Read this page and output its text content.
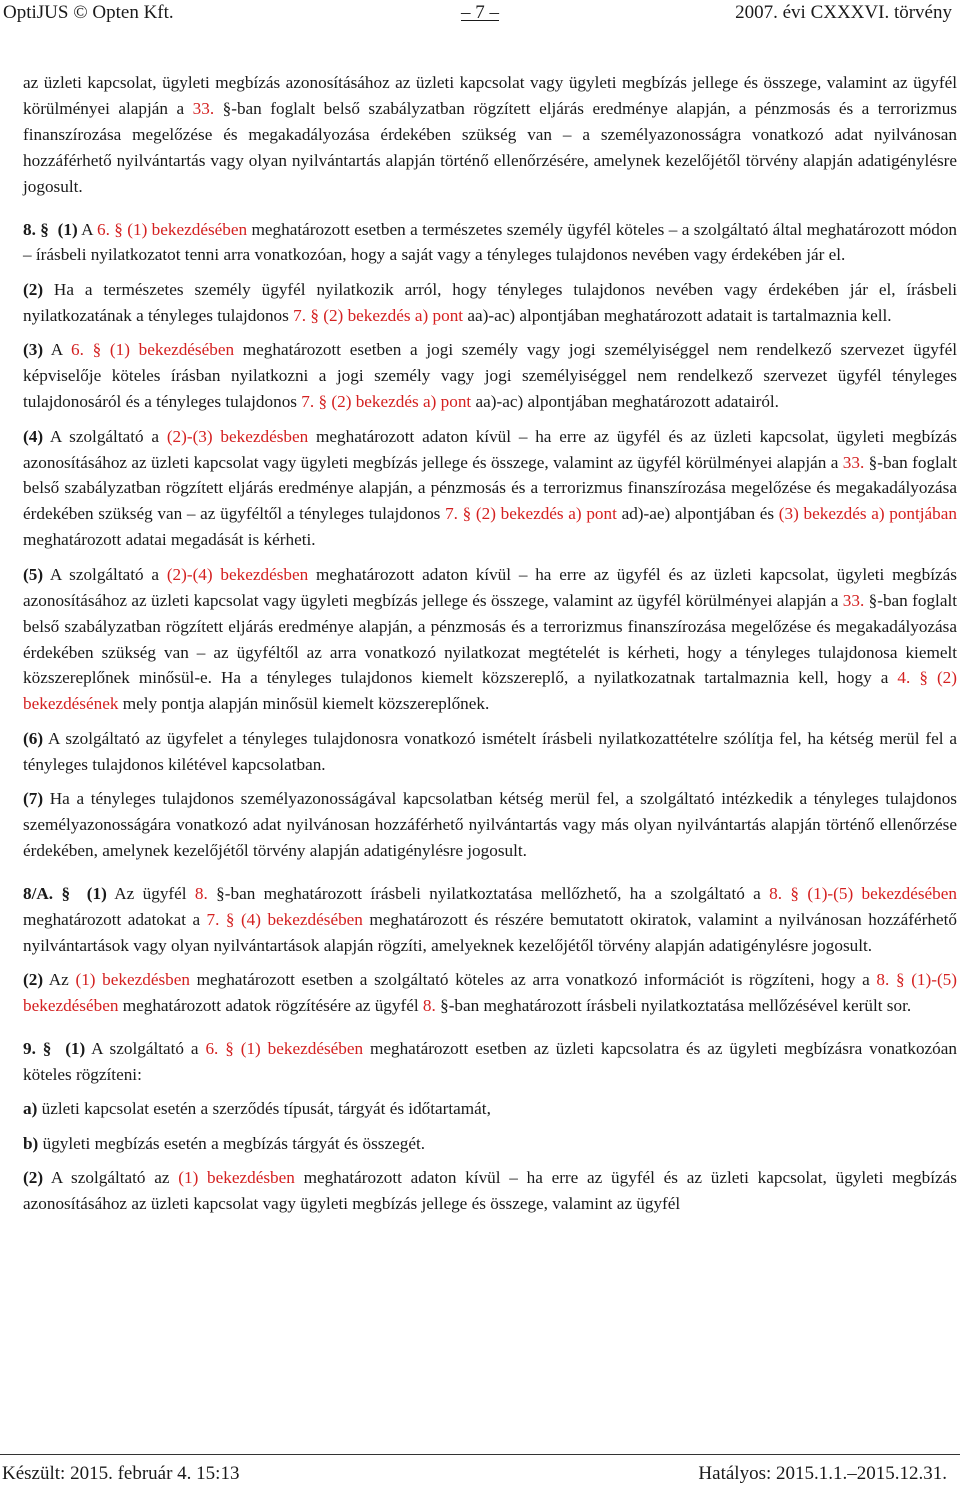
OptiJUS © Opten Kft.	– 7 –	2007. évi CXXXVI. törvény

az üzleti kapcsolat, ügyleti megbízás azonosításához az üzleti kapcsolat vagy ügyleti megbízás jellege és összege, valamint az ügyfél körülményei alapján a 33. §-ban foglalt belső szabályzatban rögzített eljárás eredménye alapján, a pénzmosás és a terrorizmus finanszírozása megelőzése és megakadályozása érdekében szükség van – a személyazonosságra vonatkozó adat nyilvánosan hozzáférhető nyilvántartás vagy olyan nyilvántartás alapján történő ellenőrzésére, amelynek kezelőjétől törvény alapján adatigénylésre jogosult.

8. § (1) A 6. § (1) bekezdésében meghatározott esetben a természetes személy ügyfél köteles – a szolgáltató által meghatározott módon – írásbeli nyilatkozatot tenni arra vonatkozóan, hogy a saját vagy a tényleges tulajdonos nevében vagy érdekében jár el.

(2) Ha a természetes személy ügyfél nyilatkozik arról, hogy tényleges tulajdonos nevében vagy érdekében jár el, írásbeli nyilatkozatának a tényleges tulajdonos 7. § (2) bekezdés a) pont aa)-ac) alpontjában meghatározott adatait is tartalmaznia kell.

(3) A 6. § (1) bekezdésében meghatározott esetben a jogi személy vagy jogi személyiséggel nem rendelkező szervezet ügyfél képviselője köteles írásban nyilatkozni a jogi személy vagy jogi személyiséggel nem rendelkező szervezet ügyfél tényleges tulajdonosáról és a tényleges tulajdonos 7. § (2) bekezdés a) pont aa)-ac) alpontjában meghatározott adatairól.

(4) A szolgáltató a (2)-(3) bekezdésben meghatározott adaton kívül – ha erre az ügyfél és az üzleti kapcsolat, ügyleti megbízás azonosításához az üzleti kapcsolat vagy ügyleti megbízás jellege és összege, valamint az ügyfél körülményei alapján a 33. §-ban foglalt belső szabályzatban rögzített eljárás eredménye alapján, a pénzmosás és a terrorizmus finanszírozása megelőzése és megakadályozása érdekében szükség van – az ügyféltől a tényleges tulajdonos 7. § (2) bekezdés a) pont ad)-ae) alpontjában és (3) bekezdés a) pontjában meghatározott adatai megadását is kérheti.

(5) A szolgáltató a (2)-(4) bekezdésben meghatározott adaton kívül – ha erre az ügyfél és az üzleti kapcsolat, ügyleti megbízás azonosításához az üzleti kapcsolat vagy ügyleti megbízás jellege és összege, valamint az ügyfél körülményei alapján a 33. §-ban foglalt belső szabályzatban rögzített eljárás eredménye alapján, a pénzmosás és a terrorizmus finanszírozása megelőzése és megakadályozása érdekében szükség van – az ügyféltől az arra vonatkozó nyilatkozat megtételét is kérheti, hogy a tényleges tulajdonosa kiemelt közszereplőnek minősül-e. Ha a tényleges tulajdonos kiemelt közszereplő, a nyilatkozatnak tartalmaznia kell, hogy a 4. § (2) bekezdésének mely pontja alapján minősül kiemelt közszereplőnek.

(6) A szolgáltató az ügyfelet a tényleges tulajdonosra vonatkozó ismételt írásbeli nyilatkozattételre szólítja fel, ha kétség merül fel a tényleges tulajdonos kilétével kapcsolatban.

(7) Ha a tényleges tulajdonos személyazonosságával kapcsolatban kétség merül fel, a szolgáltató intézkedik a tényleges tulajdonos személyazonosságára vonatkozó adat nyilvánosan hozzáférhető nyilvántartás vagy más olyan nyilvántartás alapján történő ellenőrzése érdekében, amelynek kezelőjétől törvény alapján adatigénylésre jogosult.

8/A. § (1) Az ügyfél 8. §-ban meghatározott írásbeli nyilatkoztatása mellőzhető, ha a szolgáltató a 8. § (1)-(5) bekezdésében meghatározott adatokat a 7. § (4) bekezdésében meghatározott és részére bemutatott okiratok, valamint a nyilvánosan hozzáférhető nyilvántartások vagy olyan nyilvántartások alapján rögzíti, amelyeknek kezelőjétől törvény alapján adatigénylésre jogosult.

(2) Az (1) bekezdésben meghatározott esetben a szolgáltató köteles az arra vonatkozó információt is rögzíteni, hogy a 8. § (1)-(5) bekezdésében meghatározott adatok rögzítésére az ügyfél 8. §-ban meghatározott írásbeli nyilatkoztatása mellőzésével került sor.

9. § (1) A szolgáltató a 6. § (1) bekezdésében meghatározott esetben az üzleti kapcsolatra és az ügyleti megbízásra vonatkozóan köteles rögzíteni:

a) üzleti kapcsolat esetén a szerződés típusát, tárgyát és időtartamát,

b) ügyleti megbízás esetén a megbízás tárgyát és összegét.

(2) A szolgáltató az (1) bekezdésben meghatározott adaton kívül – ha erre az ügyfél és az üzleti kapcsolat, ügyleti megbízás azonosításához az üzleti kapcsolat vagy ügyleti megbízás jellege és összege, valamint az ügyfél

Készült: 2015. február 4. 15:13	Hatályos: 2015.1.1.–2015.12.31.
